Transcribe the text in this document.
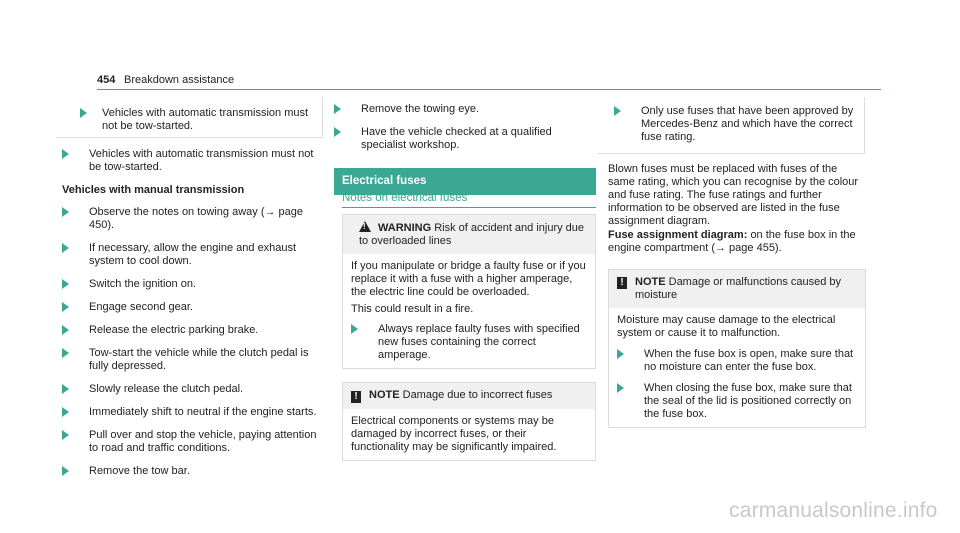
454 Breakdown assistance
Vehicles with automatic transmission must not be tow-started.
Vehicles with automatic transmission must not be tow-started.
Vehicles with manual transmission
Observe the notes on towing away (→ page 450).
If necessary, allow the engine and exhaust system to cool down.
Switch the ignition on.
Engage second gear.
Release the electric parking brake.
Tow-start the vehicle while the clutch pedal is fully depressed.
Slowly release the clutch pedal.
Immediately shift to neutral if the engine starts.
Pull over and stop the vehicle, paying attention to road and traffic conditions.
Remove the tow bar.
Remove the towing eye.
Have the vehicle checked at a qualified specialist workshop.
Electrical fuses
Notes on electrical fuses
!WARNING Risk of accident and injury due to overloaded lines
If you manipulate or bridge a faulty fuse or if you replace it with a fuse with a higher amperage, the electric line could be overloaded.
This could result in a fire.
Always replace faulty fuses with specified new fuses containing the correct amperage.
! NOTE Damage due to incorrect fuses
Electrical components or systems may be damaged by incorrect fuses, or their functionality may be significantly impaired.
Only use fuses that have been approved by Mercedes-Benz and which have the correct fuse rating.
Blown fuses must be replaced with fuses of the same rating, which you can recognise by the colour and fuse rating. The fuse ratings and further information to be observed are listed in the fuse assignment diagram.
Fuse assignment diagram: on the fuse box in the engine compartment (→ page 455).
!	NOTE Damage or malfunctions caused by moisture
Moisture may cause damage to the electrical system or cause it to malfunction.
When the fuse box is open, make sure that no moisture can enter the fuse box.
When closing the fuse box, make sure that the seal of the lid is positioned correctly on the fuse box.
carmanualsonline.info
